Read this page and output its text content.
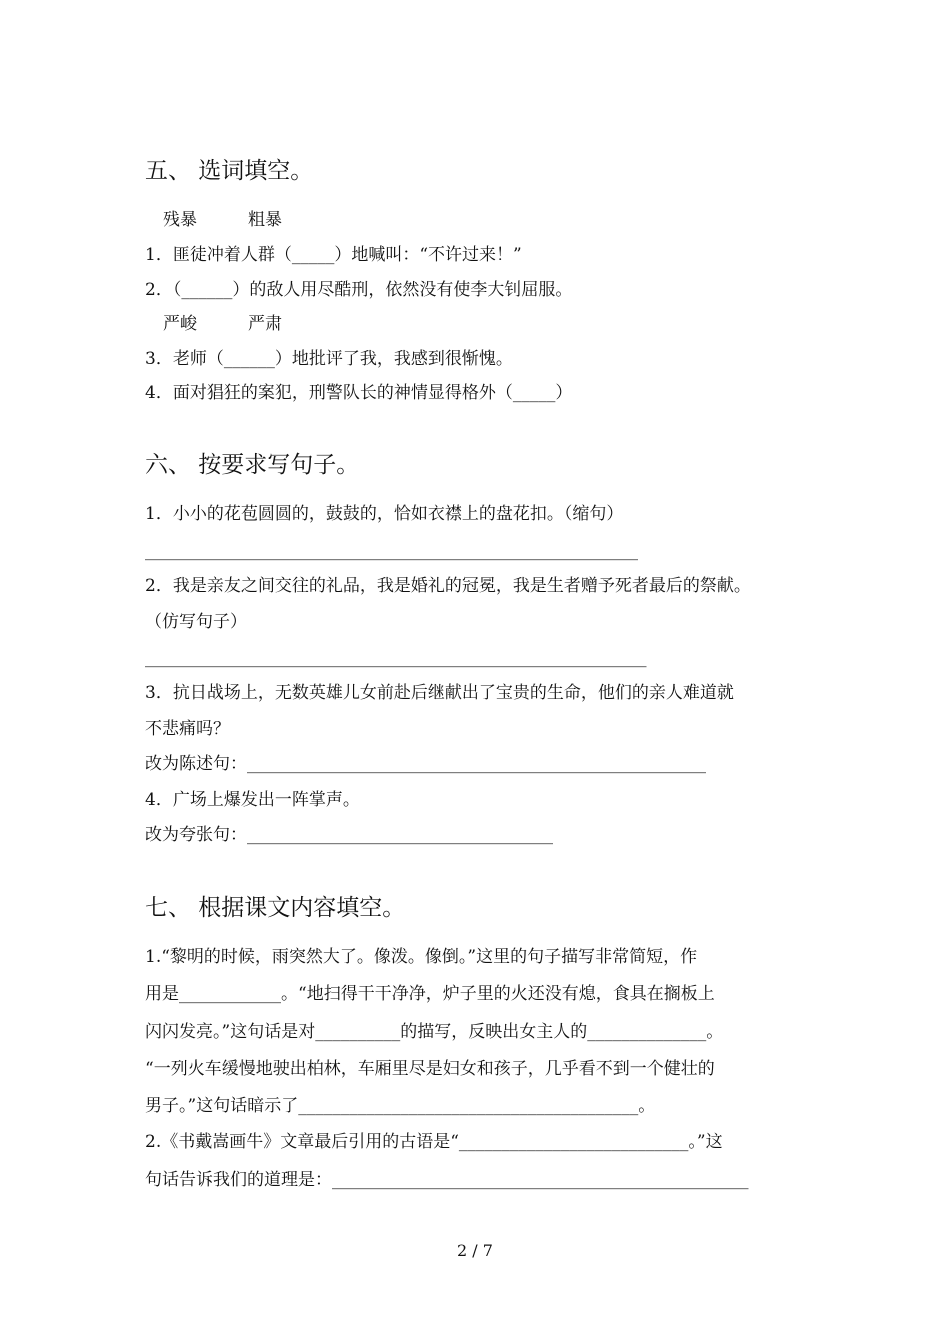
五、 选词填空。
残暴　　　粗暴
1．匪徒冲着人群（_____）地喊叫：“不许过来！”
2．（______）的敌人用尽酷刑，依然没有使李大钊屈服。
严峻　　　严肃
3．老师（______）地批评了我，我感到很惭愧。
4．面对猖狂的案犯，刑警队长的神情显得格外（_____）
六、 按要求写句子。
1．小小的花苞圆圆的，鼓鼓的，恰如衣襟上的盘花扣。（缩句）
__________________________________________________________
2．我是亲友之间交往的礼品，我是婚礼的冠冕，我是生者赠予死者最后的祭献。
（仿写句子）
___________________________________________________________
3．抗日战场上，无数英雄儿女前赴后继献出了宝贵的生命，他们的亲人难道就
不悲痛吗？
改为陈述句：______________________________________________________
4．广场上爆发出一阵掌声。
改为夸张句：____________________________________
七、 根据课文内容填空。
1.“黎明的时候，雨突然大了。像泼。像倒。”这里的句子描写非常简短，作
用是____________。“地扫得干干净净，炉子里的火还没有熄，食具在搁板上
闪闪发亮。”这句话是对__________的描写，反映出女主人的______________。
“一列火车缓慢地驶出柏林，车厢里尽是妇女和孩子，几乎看不到一个健壮的
男子。”这句话暗示了________________________________________。
2.《书戴嵩画牛》文章最后引用的古语是“___________________________。”这
句话告诉我们的道理是：_________________________________________________
2 / 7
